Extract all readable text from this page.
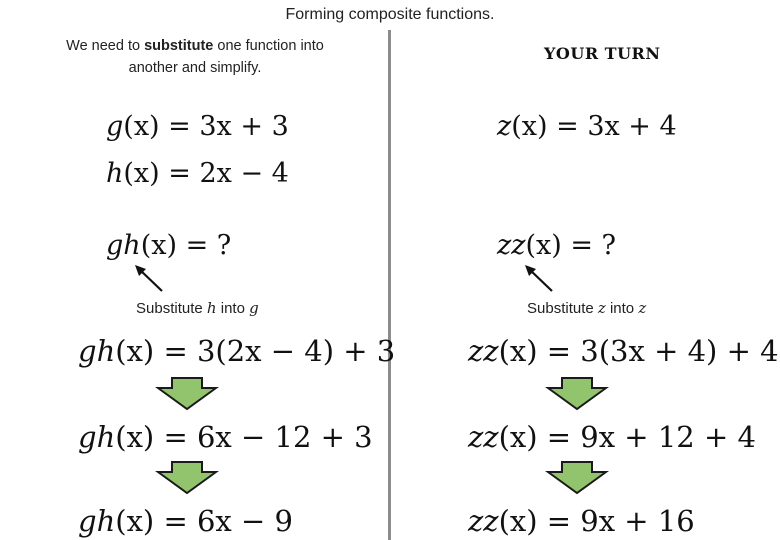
Forming composite functions.
We need to substitute one function into another and simplify.
YOUR TURN
g(x) = 3x + 3
h(x) = 2x − 4
gh(x) = ?
Substitute h into g
gh(x) = 3(2x − 4) + 3
gh(x) = 6x − 12 + 3
gh(x) = 6x − 9
z(x) = 3x + 4
zz(x) = ?
Substitute z into z
zz(x) = 3(3x + 4) + 4
zz(x) = 9x + 12 + 4
zz(x) = 9x + 16
